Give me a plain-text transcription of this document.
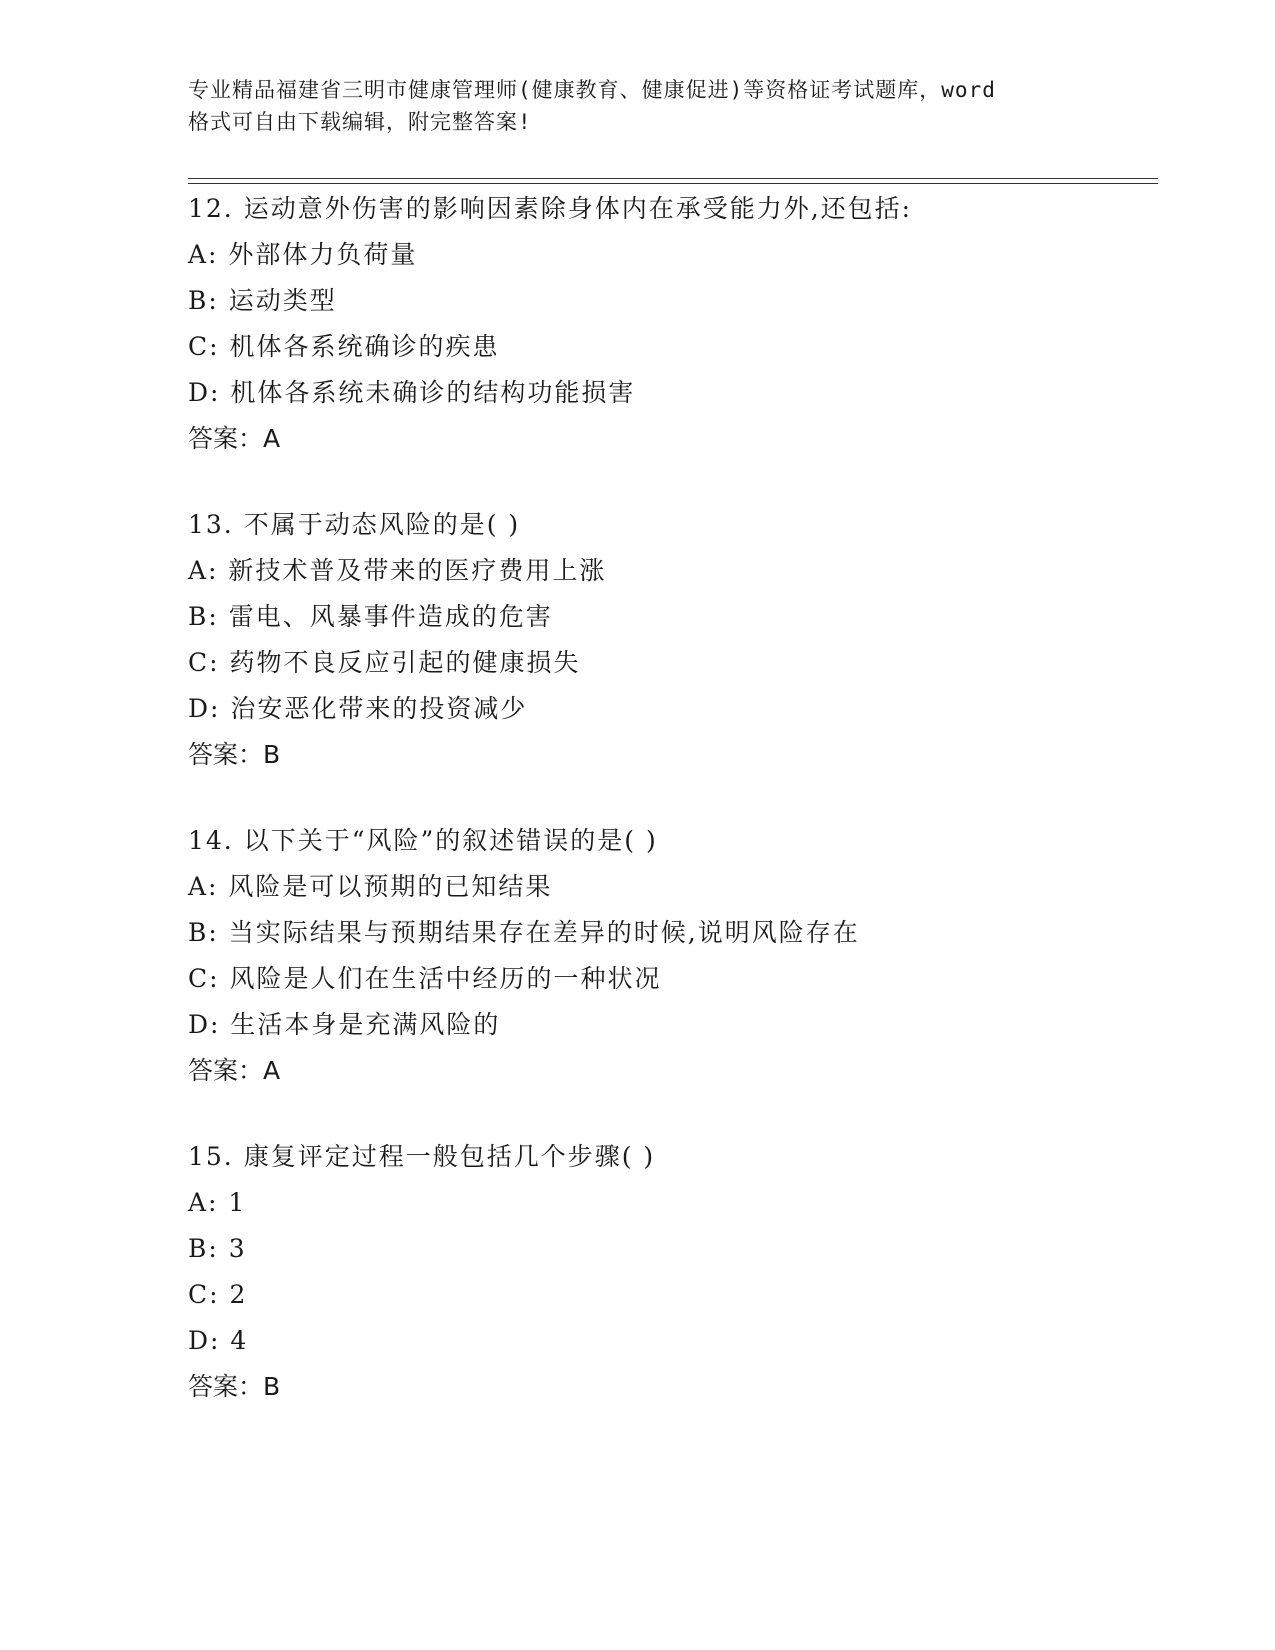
专业精品福建省三明市健康管理师(健康教育、健康促进)等资格证考试题库，word
格式可自由下载编辑，附完整答案!
12. 运动意外伤害的影响因素除身体内在承受能力外,还包括:
A: 外部体力负荷量
B: 运动类型
C: 机体各系统确诊的疾患
D: 机体各系统未确诊的结构功能损害
答案：A
13. 不属于动态风险的是( )
A: 新技术普及带来的医疗费用上涨
B: 雷电、风暴事件造成的危害
C: 药物不良反应引起的健康损失
D: 治安恶化带来的投资减少
答案：B
14. 以下关于“风险”的叙述错误的是( )
A: 风险是可以预期的已知结果
B: 当实际结果与预期结果存在差异的时候,说明风险存在
C: 风险是人们在生活中经历的一种状况
D: 生活本身是充满风险的
答案：A
15. 康复评定过程一般包括几个步骤( )
A: 1
B: 3
C: 2
D: 4
答案：B
